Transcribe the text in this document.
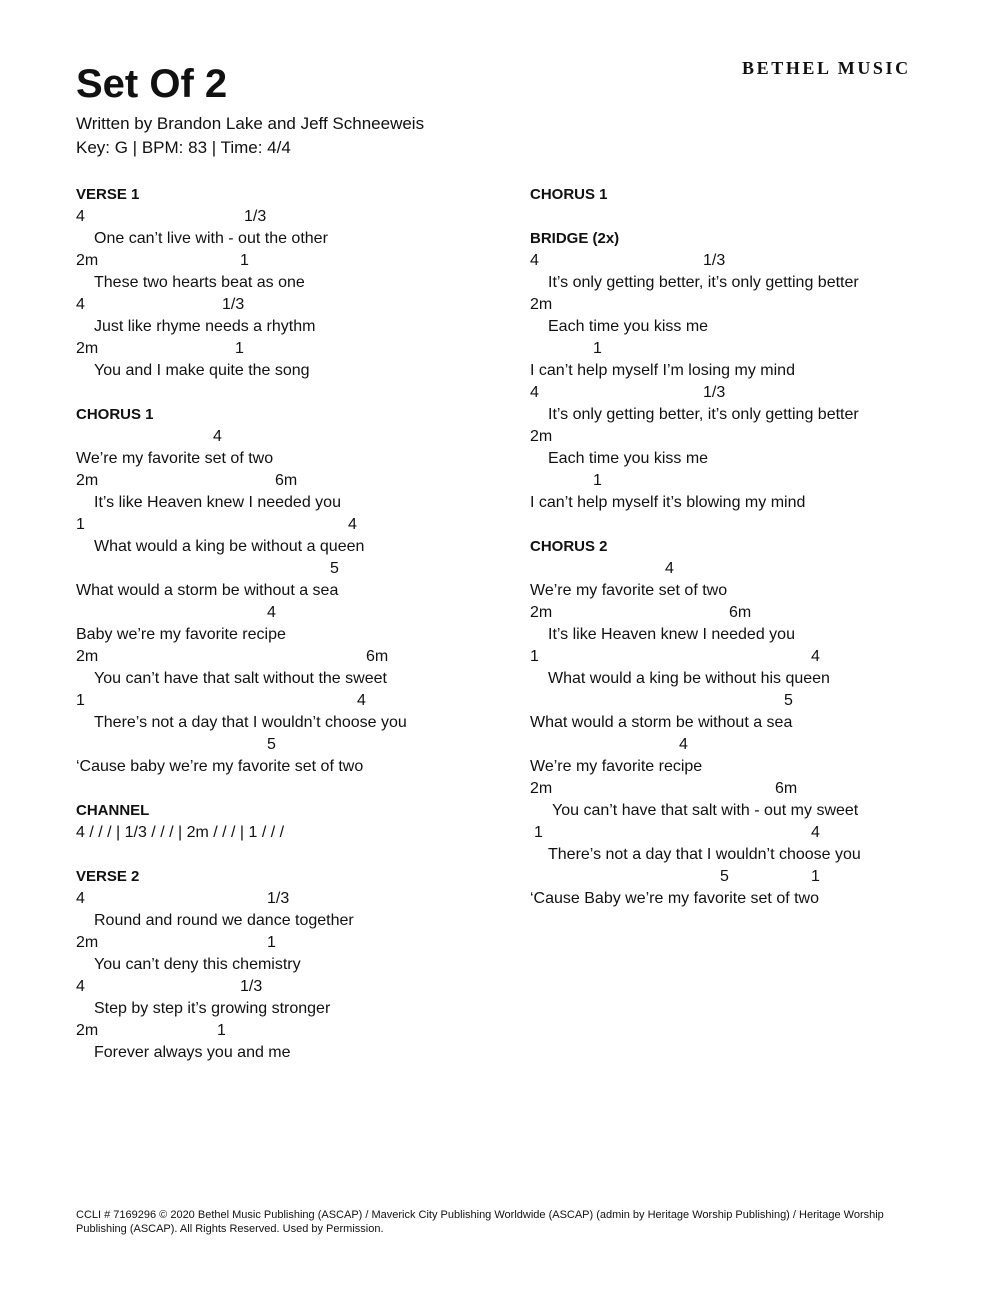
BETHEL MUSIC
Set Of 2
Written by Brandon Lake and Jeff Schneeweis
Key: G | BPM: 83 | Time: 4/4
VERSE 1
4	1/3
One can’t live with - out the other
2m	1
These two hearts beat as one
4	1/3
Just like rhyme needs a rhythm
2m	1
You and I make quite the song
CHORUS 1
4
We’re my favorite set of two
2m	6m
It’s like Heaven knew I needed you
1	4
What would a king be without a queen
5
What would a storm be without a sea
4
Baby we’re my favorite recipe
2m	6m
You can’t have that salt without the sweet
1	4
There’s not a day that I wouldn’t choose you
5
‘Cause baby we’re my favorite set of two
CHANNEL
4 / / / | 1/3 / / / | 2m / / / | 1 / / /
VERSE 2
4	1/3
Round and round we dance together
2m	1
You can’t deny this chemistry
4	1/3
Step by step it’s growing stronger
2m	1
Forever always you and me
CHORUS 1
BRIDGE (2x)
4	1/3
It’s only getting better, it’s only getting better
2m
Each time you kiss me
1
I can’t help myself I’m losing my mind
4	1/3
It’s only getting better, it’s only getting better
2m
Each time you kiss me
1
I can’t help myself it’s blowing my mind
CHORUS 2
4
We’re my favorite set of two
2m	6m
It’s like Heaven knew I needed you
1	4
What would a king be without his queen
5
What would a storm be without a sea
4
We’re my favorite recipe
2m	6m
You can’t have that salt with - out my sweet
1	4
There’s not a day that I wouldn’t choose you
5	1
‘Cause Baby we’re my favorite set of two

CCLI # 7169296 © 2020 Bethel Music Publishing (ASCAP) / Maverick City Publishing Worldwide (ASCAP) (admin by Heritage Worship Publishing) / Heritage Worship Publishing (ASCAP). All Rights Reserved. Used by Permission.
